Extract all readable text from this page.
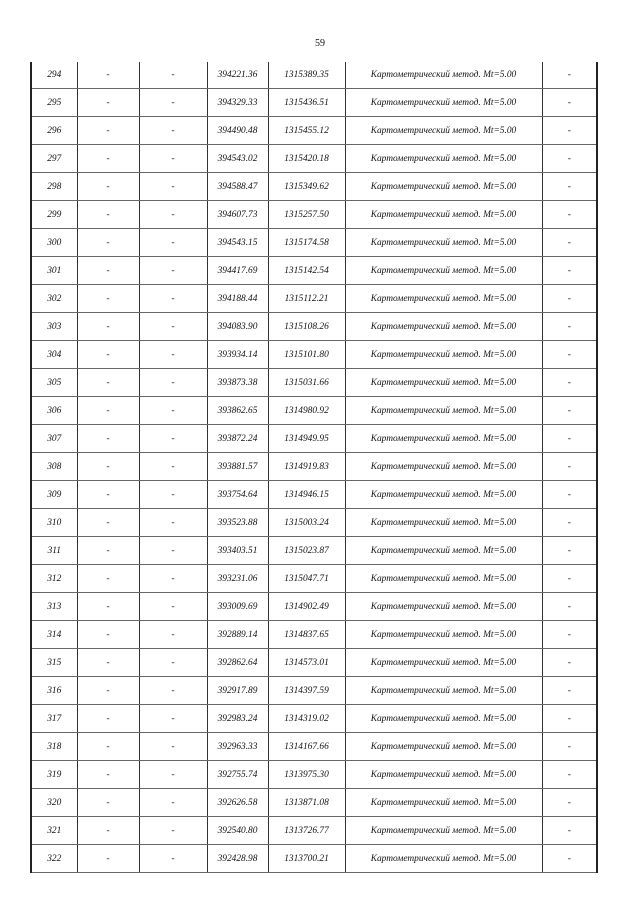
59
294	-	-	394221.36	1315389.35	Картометрический метод. Mt=5.00	-
295	-	-	394329.33	1315436.51	Картометрический метод. Mt=5.00	-
296	-	-	394490.48	1315455.12	Картометрический метод. Mt=5.00	-
297	-	-	394543.02	1315420.18	Картометрический метод. Mt=5.00	-
298	-	-	394588.47	1315349.62	Картометрический метод. Mt=5.00	-
299	-	-	394607.73	1315257.50	Картометрический метод. Mt=5.00	-
300	-	-	394543.15	1315174.58	Картометрический метод. Mt=5.00	-
301	-	-	394417.69	1315142.54	Картометрический метод. Mt=5.00	-
302	-	-	394188.44	1315112.21	Картометрический метод. Mt=5.00	-
303	-	-	394083.90	1315108.26	Картометрический метод. Mt=5.00	-
304	-	-	393934.14	1315101.80	Картометрический метод. Mt=5.00	-
305	-	-	393873.38	1315031.66	Картометрический метод. Mt=5.00	-
306	-	-	393862.65	1314980.92	Картометрический метод. Mt=5.00	-
307	-	-	393872.24	1314949.95	Картометрический метод. Mt=5.00	-
308	-	-	393881.57	1314919.83	Картометрический метод. Mt=5.00	-
309	-	-	393754.64	1314946.15	Картометрический метод. Mt=5.00	-
310	-	-	393523.88	1315003.24	Картометрический метод. Mt=5.00	-
311	-	-	393403.51	1315023.87	Картометрический метод. Mt=5.00	-
312	-	-	393231.06	1315047.71	Картометрический метод. Mt=5.00	-
313	-	-	393009.69	1314902.49	Картометрический метод. Mt=5.00	-
314	-	-	392889.14	1314837.65	Картометрический метод. Mt=5.00	-
315	-	-	392862.64	1314573.01	Картометрический метод. Mt=5.00	-
316	-	-	392917.89	1314397.59	Картометрический метод. Mt=5.00	-
317	-	-	392983.24	1314319.02	Картометрический метод. Mt=5.00	-
318	-	-	392963.33	1314167.66	Картометрический метод. Mt=5.00	-
319	-	-	392755.74	1313975.30	Картометрический метод. Mt=5.00	-
320	-	-	392626.58	1313871.08	Картометрический метод. Mt=5.00	-
321	-	-	392540.80	1313726.77	Картометрический метод. Mt=5.00	-
322	-	-	392428.98	1313700.21	Картометрический метод. Mt=5.00	-
